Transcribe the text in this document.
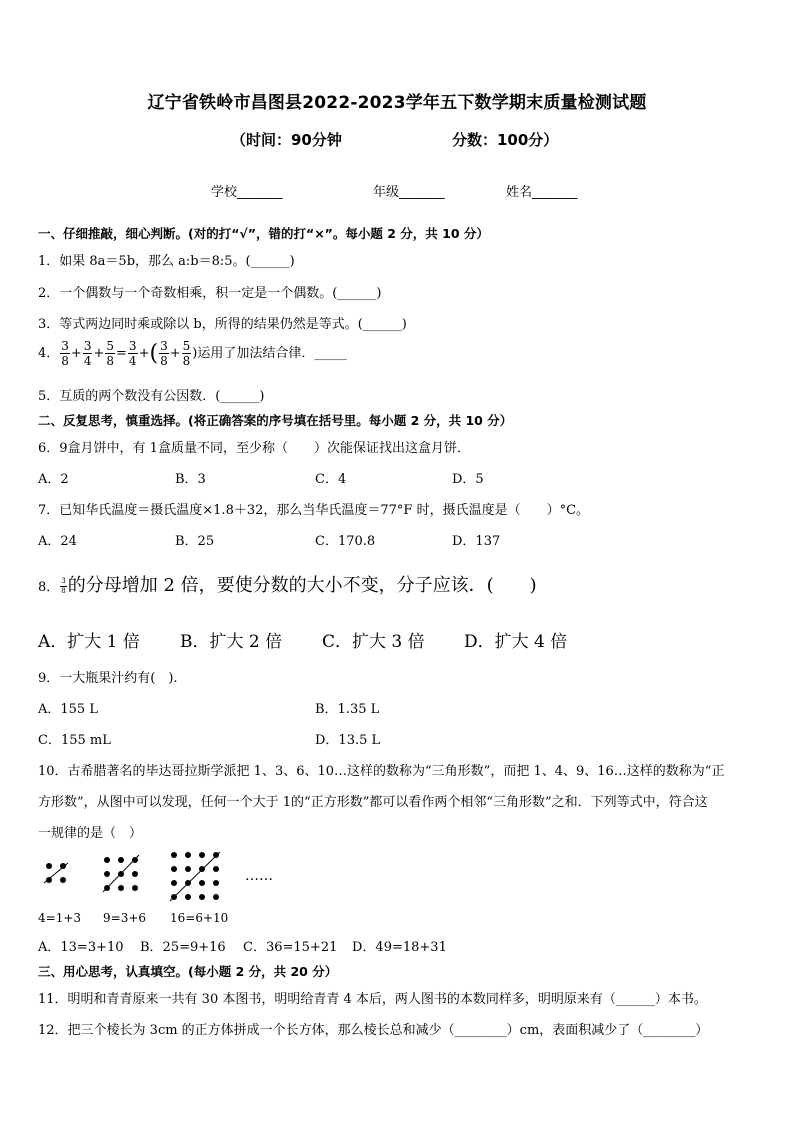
辽宁省铁岭市昌图县2022-2023学年五下数学期末质量检测试题
（时间：90分钟	分数：100分）
学校_______	年级_______	姓名_______
一、仔细推敲，细心判断。(对的打“√”，错的打“×”。每小题 2 分，共 10 分）
1．如果 8a＝5b，那么 a:b＝8:5。(______)
2．一个偶数与一个奇数相乘，积一定是一个偶数。(______)
3．等式两边同时乘或除以 b，所得的结果仍然是等式。(______)
4． $\frac{3}{8} + \frac{3}{4} + \frac{5}{8} = \frac{3}{4}$ +( $\frac{3}{8} + \frac{5}{8}$ )运用了加法结合律．_____
5．互质的两个数没有公因数．(______)
二、反复思考，慎重选择。(将正确答案的序号填在括号里。每小题 2 分，共 10 分）
6．9盒月饼中，有 1盒质量不同，至少称（　　）次能保证找出这盒月饼．
A．2	B．3	C．4	D．5
7．已知华氏温度＝摄氏温度×1.8＋32，那么当华氏温度＝77°F 时，摄氏温度是（　　）°C。
A．24	B．25	C．170.8	D．137
8． $\frac{3}{8}$ 的分母增加 2 倍，要使分数的大小不变，分子应该．(　　)
A．扩大 1 倍 B．扩大 2 倍 C．扩大 3 倍 D．扩大 4 倍
9．一大瓶果汁约有(　).
A．155 L	B．1.35 L
C．155 mL	D．13.5 L
10．古希腊著名的毕达哥拉斯学派把 1、3、6、10…这样的数称为“三角形数”，而把 1、4、9、16…这样的数称为“正
方形数”，从图中可以发现，任何一个大于 1的“正方形数”都可以看作两个相邻“三角形数”之和．下列等式中，符合这
一规律的是（　）
……
4=1+3 9=3+6 16=6+10
A．13=3+10 B．25=9+16 C．36=15+21 D．49=18+31
三、用心思考，认真填空。(每小题 2 分，共 20 分）
11．明明和青青原来一共有 30 本图书，明明给青青 4 本后，两人图书的本数同样多，明明原来有（______）本书。
12．把三个棱长为 3cm 的正方体拼成一个长方体，那么棱长总和减少（________）cm，表面积减少了（________）
